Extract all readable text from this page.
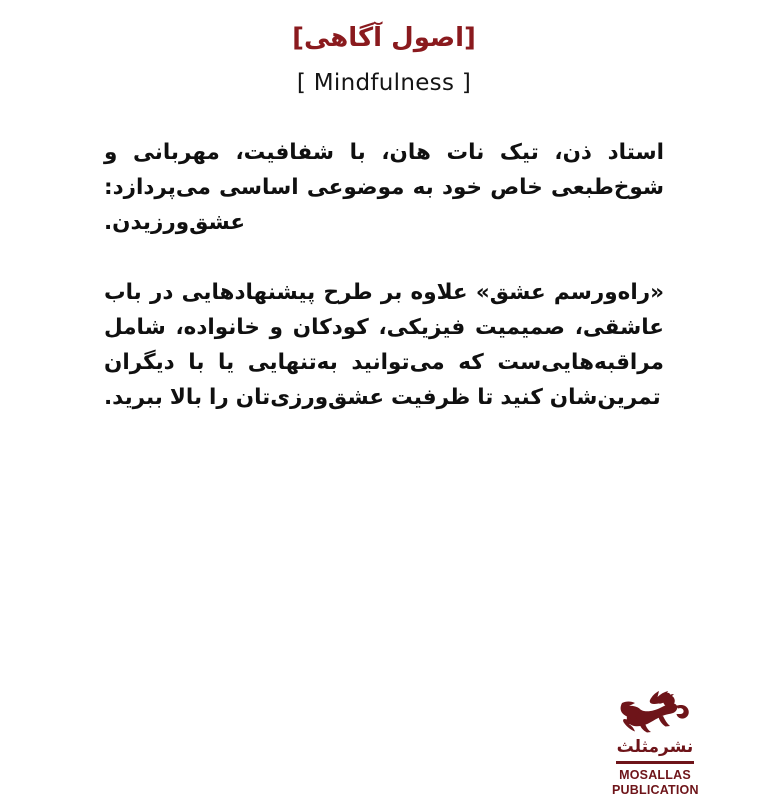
[اصول آگاهی]
[ Mindfulness ]

استاد ذن، تیک نات هان، با شفافیت، مهربانی و شوخ‌طبعی خاص خود به موضوعی اساسی می‌پردازد: عشق‌ورزیدن.

«راه‌ورسم عشق» علاوه بر طرح پیشنهادهایی در باب عاشقی، صمیمیت فیزیکی، کودکان و خانواده، شامل مراقبه‌هایی‌ست که می‌توانید به‌تنهایی یا با دیگران تمرین‌شان کنید تا ظرفیت عشق‌ورزی‌تان را بالا ببرید.

نشرمثلث
MOSALLAS
PUBLICATION
